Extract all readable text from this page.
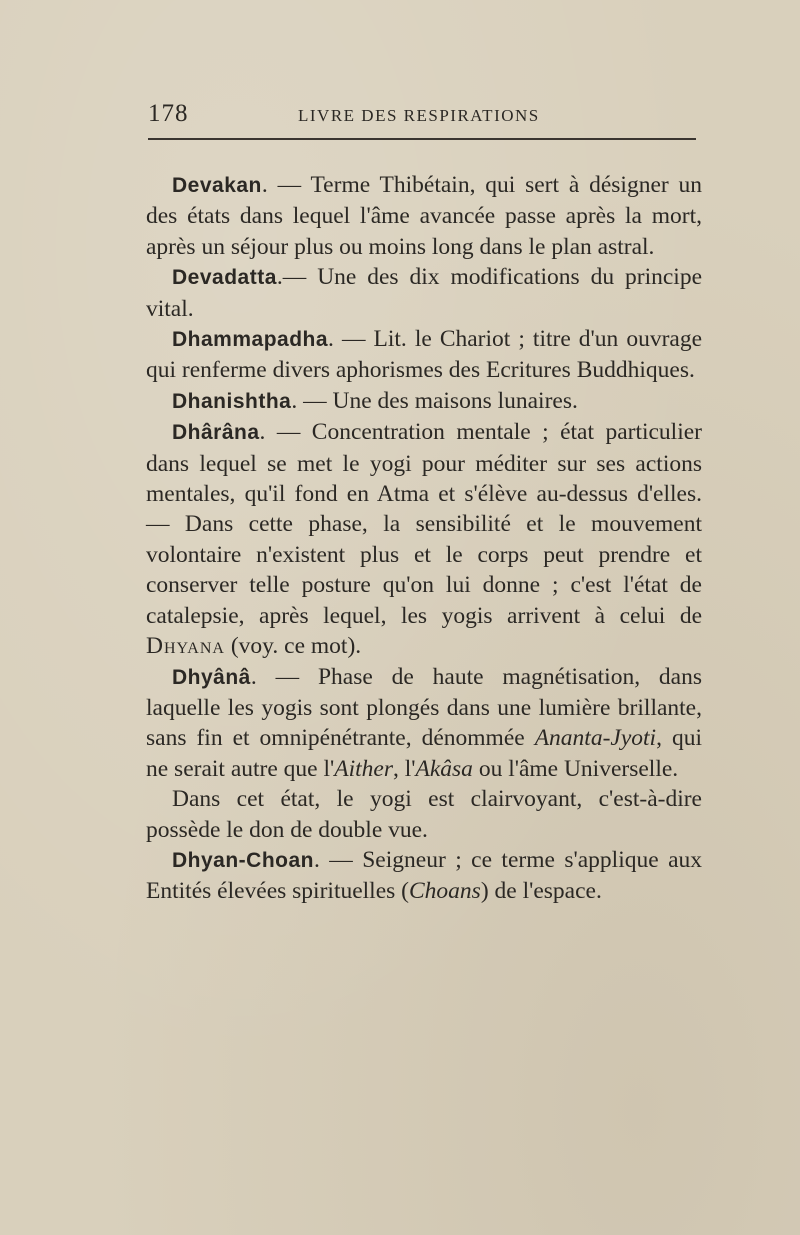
178	LIVRE DES RESPIRATIONS

Devakan. — Terme Thibétain, qui sert à désigner un des états dans lequel l'âme avancée passe après la mort, après un séjour plus ou moins long dans le plan astral.

Devadatta.— Une des dix modifications du principe vital.

Dhammapadha. — Lit. le Chariot ; titre d'un ouvrage qui renferme divers aphorismes des Ecritures Buddhiques.

Dhanishtha. — Une des maisons lunaires.

Dhârâna. — Concentration mentale ; état particulier dans lequel se met le yogi pour méditer sur ses actions mentales, qu'il fond en Atma et s'élève au-dessus d'elles. — Dans cette phase, la sensibilité et le mouvement volontaire n'existent plus et le corps peut prendre et conserver telle posture qu'on lui donne ; c'est l'état de catalepsie, après lequel, les yogis arrivent à celui de Dhyana (voy. ce mot).

Dhyânâ. — Phase de haute magnétisation, dans laquelle les yogis sont plongés dans une lumière brillante, sans fin et omnipénétrante, dénommée Ananta-Jyoti, qui ne serait autre que l'Aither, l'Akâsa ou l'âme Universelle.

Dans cet état, le yogi est clairvoyant, c'est-à-dire possède le don de double vue.

Dhyan-Choan. — Seigneur ; ce terme s'applique aux Entités élevées spirituelles (Choans) de l'espace.
